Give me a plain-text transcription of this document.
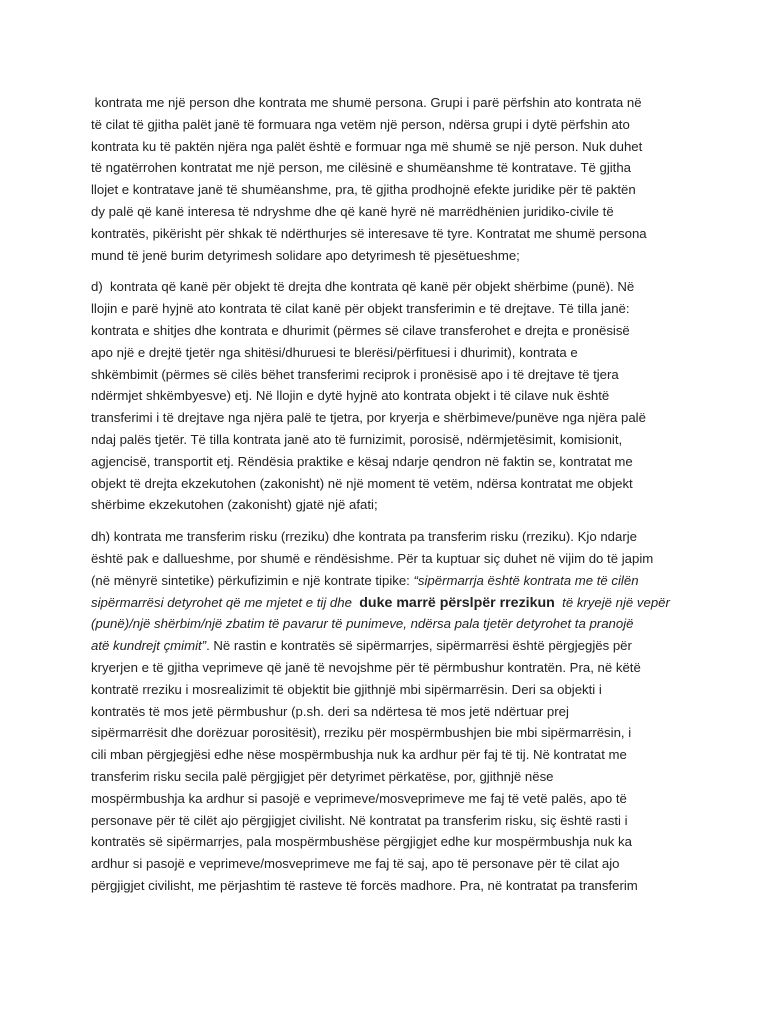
kontrata me një person dhe kontrata me shumë persona. Grupi i parë përfshin ato kontrata në
të cilat të gjitha palët janë të formuara nga vetëm një person, ndërsa grupi i dytë përfshin ato
kontrata ku të paktën njëra nga palët është e formuar nga më shumë se një person. Nuk duhet
të ngatërrohen kontratat me një person, me cilësinë e shumëanshme të kontratave. Të gjitha
llojet e kontratave janë të shumëanshme, pra, të gjitha prodhojnë efekte juridike për të paktën
dy palë që kanë interesa të ndryshme dhe që kanë hyrë në marrëdhënien juridiko-civile të
kontratës, pikërisht për shkak të ndërthurjes së interesave të tyre. Kontratat me shumë persona
mund të jenë burim detyrimesh solidare apo detyrimesh të pjesëtueshme;
d)  kontrata që kanë për objekt të drejta dhe kontrata që kanë për objekt shërbime (punë). Në
llojin e parë hyjnë ato kontrata të cilat kanë për objekt transferimin e të drejtave. Të tilla janë:
kontrata e shitjes dhe kontrata e dhurimit (përmes së cilave transferohet e drejta e pronësisë
apo një e drejtë tjetër nga shitësi/dhuruesi te blerësi/përfituesi i dhurimit), kontrata e
shkëmbimit (përmes së cilës bëhet transferimi reciprok i pronësisë apo i të drejtave të tjera
ndërmjet shkëmbyesve) etj. Në llojin e dytë hyjnë ato kontrata objekt i të cilave nuk është
transferimi i të drejtave nga njëra palë te tjetra, por kryerja e shërbimeve/punëve nga njëra palë
ndaj palës tjetër. Të tilla kontrata janë ato të furnizimit, porosisë, ndërmjetësimit, komisionit,
agjencisë, transportit etj. Rëndësia praktike e kësaj ndarje qendron në faktin se, kontratat me
objekt të drejta ekzekutohen (zakonisht) në një moment të vetëm, ndërsa kontratat me objekt
shërbime ekzekutohen (zakonisht) gjatë një afati;
dh) kontrata me transferim risku (rreziku) dhe kontrata pa transferim risku (rreziku). Kjo ndarje
është pak e dallueshme, por shumë e rëndësishme. Për ta kuptuar siç duhet në vijim do të japim
(në mënyrë sintetike) përkufizimin e një kontrate tipike: “sipërmarrja është kontrata me të cilën
sipërmarrësi detyrohet që me mjetet e tij dhe  duke marrë përslpër rrezikun  të kryejë një vepër
(punë)/një shërbim/një zbatim të pavarur të punimeve, ndërsa pala tjetër detyrohet ta pranojë
atë kundrejt çmimit”. Në rastin e kontratës së sipërmarrjes, sipërmarrësi është përgjegjës për
kryerjen e të gjitha veprimeve që janë të nevojshme për të përmbushur kontratën. Pra, në këtë
kontratë rreziku i mosrealizimit të objektit bie gjithnjë mbi sipërmarrësin. Deri sa objekti i
kontratës të mos jetë përmbushur (p.sh. deri sa ndërtesa të mos jetë ndërtuar prej
sipërmarrësit dhe dorëzuar porositësit), rreziku për mospërmbushjen bie mbi sipërmarrësin, i
cili mban përgjegjësi edhe nëse mospërmbushja nuk ka ardhur për faj të tij. Në kontratat me
transferim risku secila palë përgjigjet për detyrimet përkatëse, por, gjithnjë nëse
mospërmbushja ka ardhur si pasojë e veprimeve/mosveprimeve me faj të vetë palës, apo të
personave për të cilët ajo përgjigjet civilisht. Në kontratat pa transferim risku, siç është rasti i
kontratës së sipërmarrjes, pala mospërmbushëse përgjigjet edhe kur mospërmbushja nuk ka
ardhur si pasojë e veprimeve/mosveprimeve me faj të saj, apo të personave për të cilat ajo
përgjigjet civilisht, me përjashtim të rasteve të forcës madhore. Pra, në kontratat pa transferim
